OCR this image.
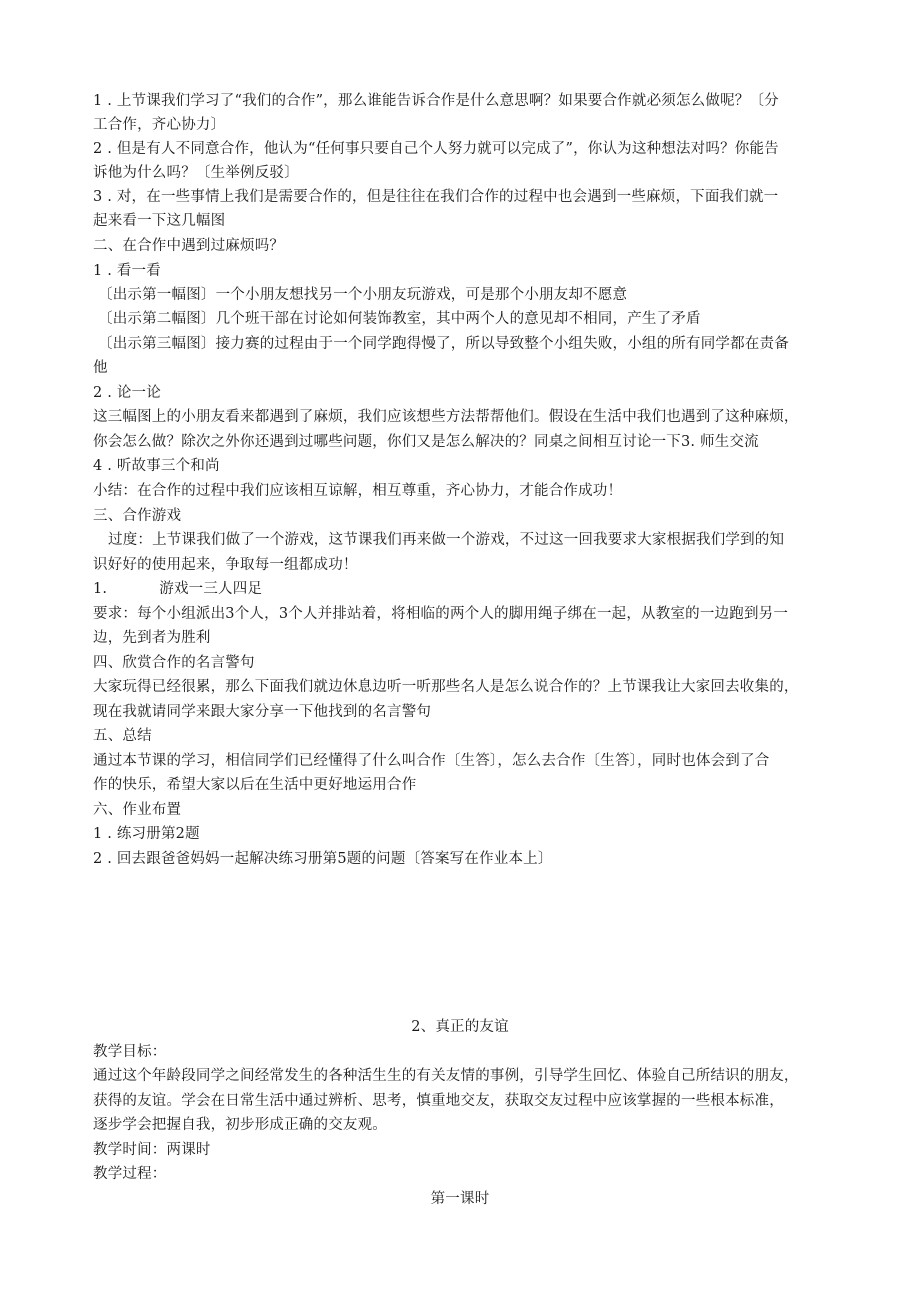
1 . 上节课我们学习了“我们的合作”，那么谁能告诉合作是什么意思啊？如果要合作就必须怎么做呢？〔分
工合作，齐心协力〕
2 . 但是有人不同意合作，他认为“任何事只要自己个人努力就可以完成了”，你认为这种想法对吗？你能告
诉他为什么吗？〔生举例反驳〕
3 . 对，在一些事情上我们是需要合作的，但是往往在我们合作的过程中也会遇到一些麻烦，下面我们就一
起来看一下这几幅图
二、在合作中遇到过麻烦吗？
1 . 看一看
〔出示第一幅图〕一个小朋友想找另一个小朋友玩游戏，可是那个小朋友却不愿意
〔出示第二幅图〕几个班干部在讨论如何装饰教室，其中两个人的意见却不相同，产生了矛盾
〔出示第三幅图〕接力赛的过程由于一个同学跑得慢了，所以导致整个小组失败，小组的所有同学都在责备
他
2 . 论一论
这三幅图上的小朋友看来都遇到了麻烦，我们应该想些方法帮帮他们。假设在生活中我们也遇到了这种麻烦，
你会怎么做？除次之外你还遇到过哪些问题，你们又是怎么解决的？同桌之间相互讨论一下3. 师生交流
4 . 听故事三个和尚
小结：在合作的过程中我们应该相互谅解，相互尊重，齐心协力，才能合作成功！
三、合作游戏
过度：上节课我们做了一个游戏，这节课我们再来做一个游戏，不过这一回我要求大家根据我们学到的知
识好好的使用起来，争取每一组都成功！
1.	游戏一三人四足
要求：每个小组派出3个人，3个人并排站着，将相临的两个人的脚用绳子绑在一起，从教室的一边跑到另一
边，先到者为胜利
四、欣赏合作的名言警句
大家玩得已经很累，那么下面我们就边休息边听一听那些名人是怎么说合作的？上节课我让大家回去收集的，
现在我就请同学来跟大家分享一下他找到的名言警句
五、总结
通过本节课的学习，相信同学们已经懂得了什么叫合作〔生答〕，怎么去合作〔生答〕，同时也体会到了合
作的快乐，希望大家以后在生活中更好地运用合作
六、作业布置
1 . 练习册第2题
2 . 回去跟爸爸妈妈一起解决练习册第5题的问题〔答案写在作业本上〕
2、真正的友谊
教学目标：
通过这个年龄段同学之间经常发生的各种活生生的有关友情的事例，引导学生回忆、体验自己所结识的朋友，
获得的友谊。学会在日常生活中通过辨析、思考，慎重地交友，获取交友过程中应该掌握的一些根本标准，
逐步学会把握自我，初步形成正确的交友观。
教学时间：两课时
教学过程：
第一课时
